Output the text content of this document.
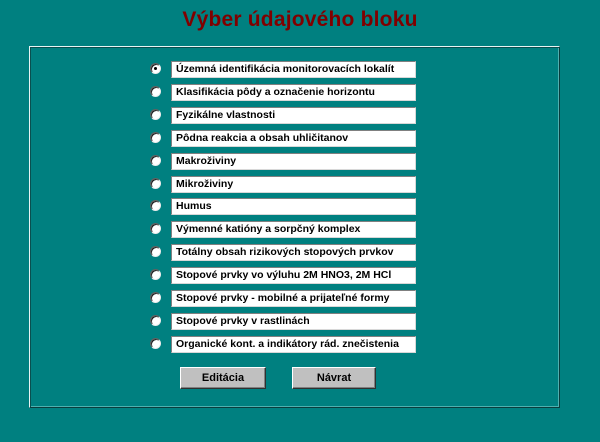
Výber údajového bloku
Územná identifikácia monitorovacích lokalít
Klasifikácia pôdy a označenie horizontu
Fyzikálne vlastnosti
Pôdna reakcia a obsah uhličitanov
Makroživiny
Mikroživiny
Humus
Výmenné katióny a sorpčný komplex
Totálny obsah rizikových stopových prvkov
Stopové prvky vo výluhu 2M HNO3, 2M HCl
Stopové prvky - mobilné a prijateľné formy
Stopové prvky v rastlinách
Organické kont. a indikátory rád. znečistenia
Editácia	Návrat
